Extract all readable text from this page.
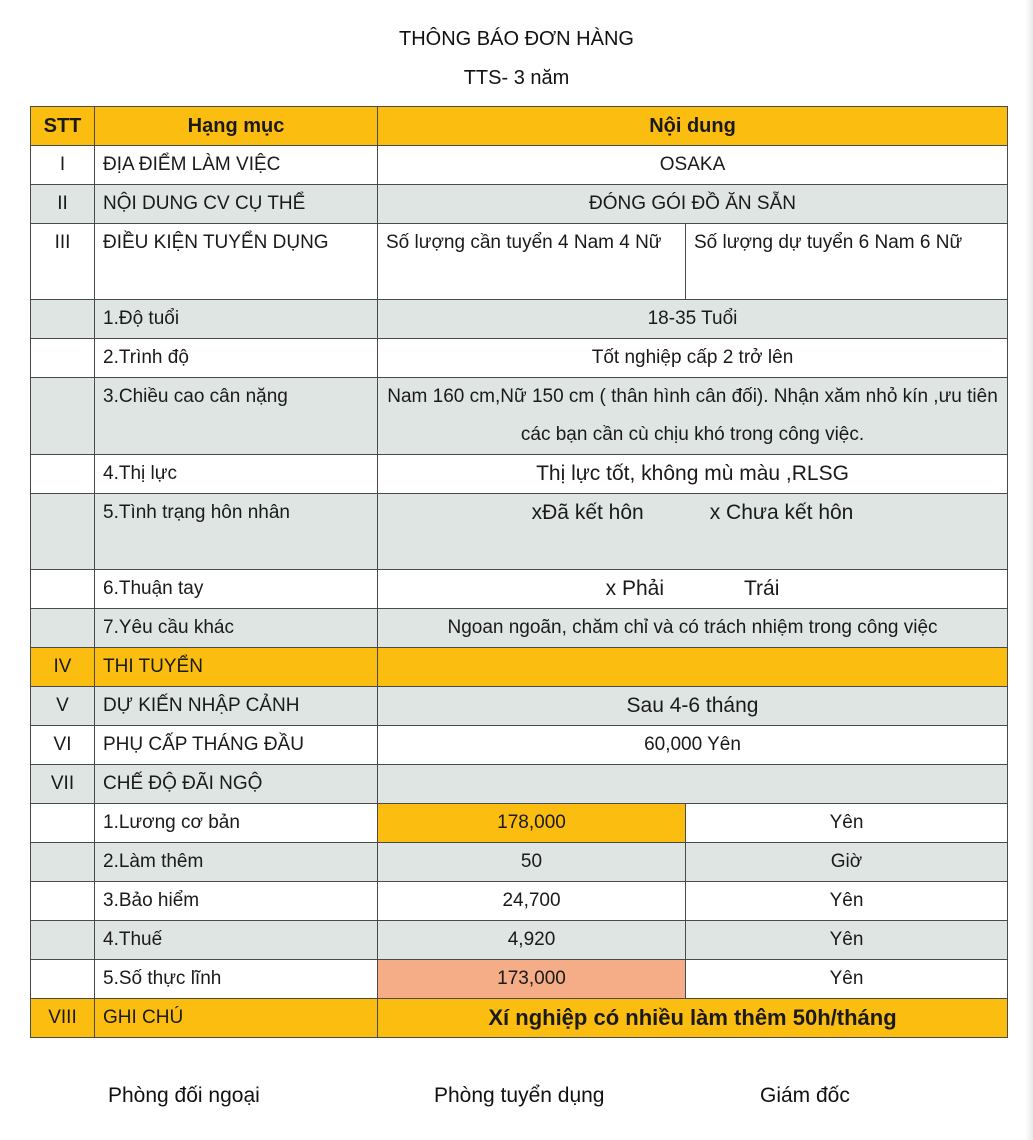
THÔNG BÁO ĐƠN HÀNG
TTS- 3 năm
STT	Hạng mục	Nội dung	
I	ĐỊA ĐIỂM LÀM VIỆC	OSAKA	
II	NỘI DUNG CV CỤ THỂ	ĐÓNG GÓI ĐỒ ĂN SẴN	
III	ĐIỀU KIỆN TUYỂN DỤNG	Số lượng cần tuyển 4 Nam 4 Nữ	Số lượng dự tuyển 6 Nam 6 Nữ
	1.Độ tuổi	18-35 Tuổi	
	2.Trình độ	Tốt nghiệp cấp 2 trở lên	
	3.Chiều cao cân nặng	Nam 160 cm,Nữ 150 cm ( thân hình cân đối). Nhận xăm nhỏ kín ,ưu tiên các bạn cần cù chịu khó trong công việc.	
	4.Thị lực	Thị lực tốt, không mù màu ,RLSG	
	5.Tình trạng hôn nhân	xĐã kết hôn x Chưa kết hôn	
	6.Thuận tay	x Phải Trái	
	7.Yêu cầu khác	Ngoan ngoãn, chăm chỉ và có trách nhiệm trong công việc	
IV	THI TUYỂN		
V	DỰ KIẾN NHẬP CẢNH	Sau 4-6 tháng	
VI	PHỤ CẤP THÁNG ĐẦU	60,000 Yên	
VII	CHẾ ĐỘ ĐÃI NGỘ		
	1.Lương cơ bản	178,000	Yên
	2.Làm thêm	50	Giờ
	3.Bảo hiểm	24,700	Yên
	4.Thuế	4,920	Yên
	5.Số thực lĩnh	173,000	Yên
VIII	GHI CHÚ	Xí nghiệp có nhiều làm thêm 50h/tháng	
Phòng đối ngoại	Phòng tuyển dụng	Giám đốc
